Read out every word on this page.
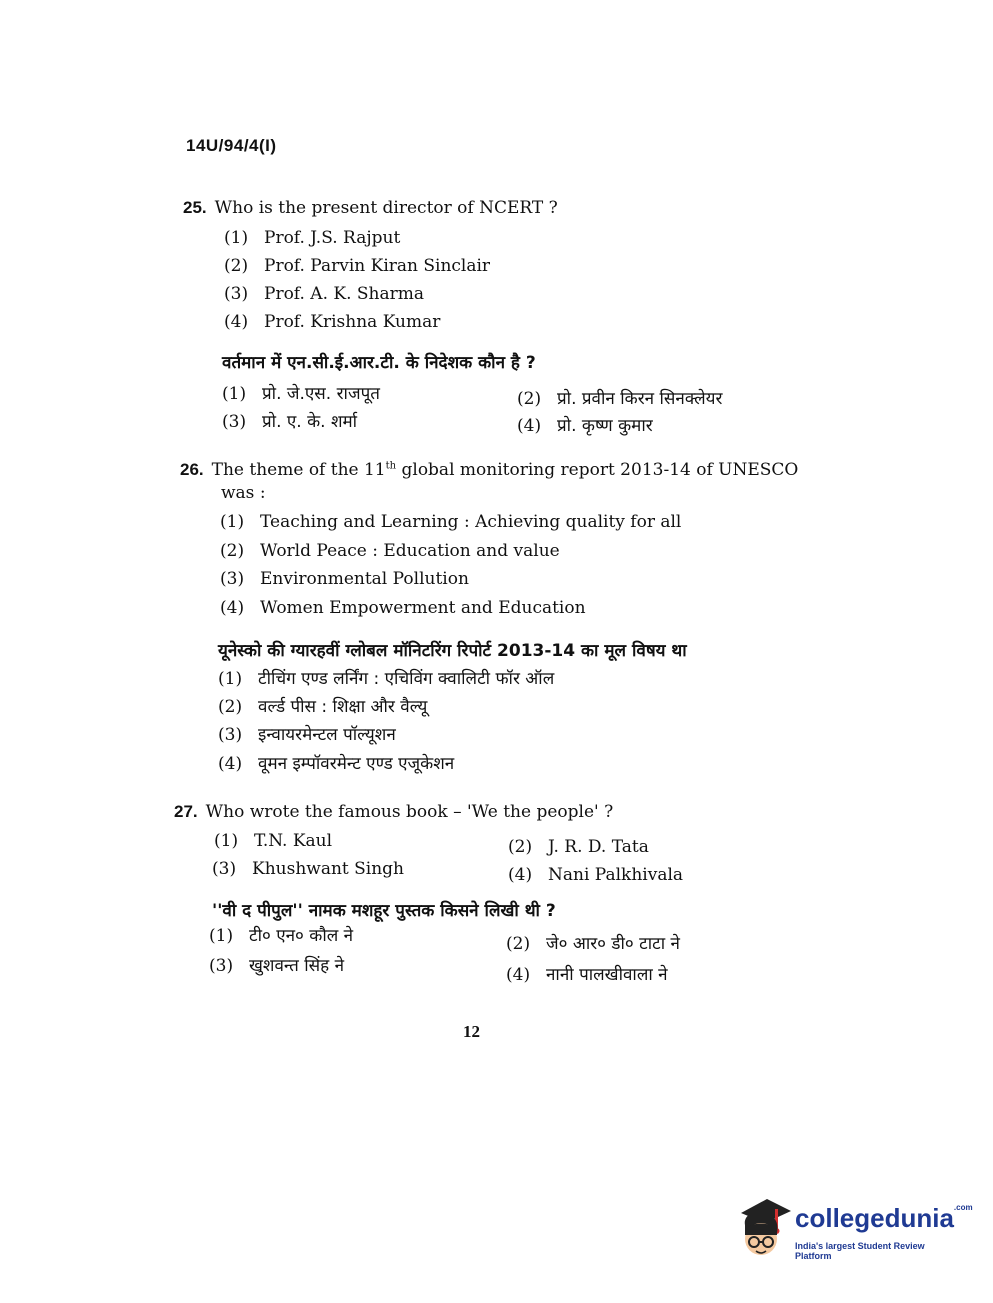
14U/94/4(I)
25. Who is the present director of NCERT ?
(1) Prof. J.S. Rajput
(2) Prof. Parvin Kiran Sinclair
(3) Prof. A. K. Sharma
(4) Prof. Krishna Kumar
वर्तमान में एन.सी.ई.आर.टी. के निदेशक कौन है ?
(1) प्रो. जे.एस. राजपूत	(2) प्रो. प्रवीन किरन सिनक्लेयर
(3) प्रो. ए. के. शर्मा	(4) प्रो. कृष्ण कुमार
26. The theme of the 11th global monitoring report 2013-14 of UNESCO
was :
(1) Teaching and Learning : Achieving quality for all
(2) World Peace : Education and value
(3) Environmental Pollution
(4) Women Empowerment and Education
यूनेस्को की ग्यारहवीं ग्लोबल मॉनिटरिंग रिपोर्ट 2013-14 का मूल विषय था
(1) टीचिंग एण्ड लर्निंग : एचिविंग क्वालिटी फॉर ऑल
(2) वर्ल्ड पीस : शिक्षा और वैल्यू
(3) इन्वायरमेन्टल पॉल्यूशन
(4) वूमन इम्पॉवरमेन्ट एण्ड एजूकेशन
27. Who wrote the famous book – 'We the people' ?
(1) T.N. Kaul	(2) J. R. D. Tata
(3) Khushwant Singh	(4) Nani Palkhivala
''वी द पीपुल'' नामक मशहूर पुस्तक किसने लिखी थी ?
(1) टी० एन० कौल ने	(2) जे० आर० डी० टाटा ने
(3) खुशवन्त सिंह ने	(4) नानी पालखीवाला ने
12
collegedunia$^{.com}$
India's largest Student Review Platform
